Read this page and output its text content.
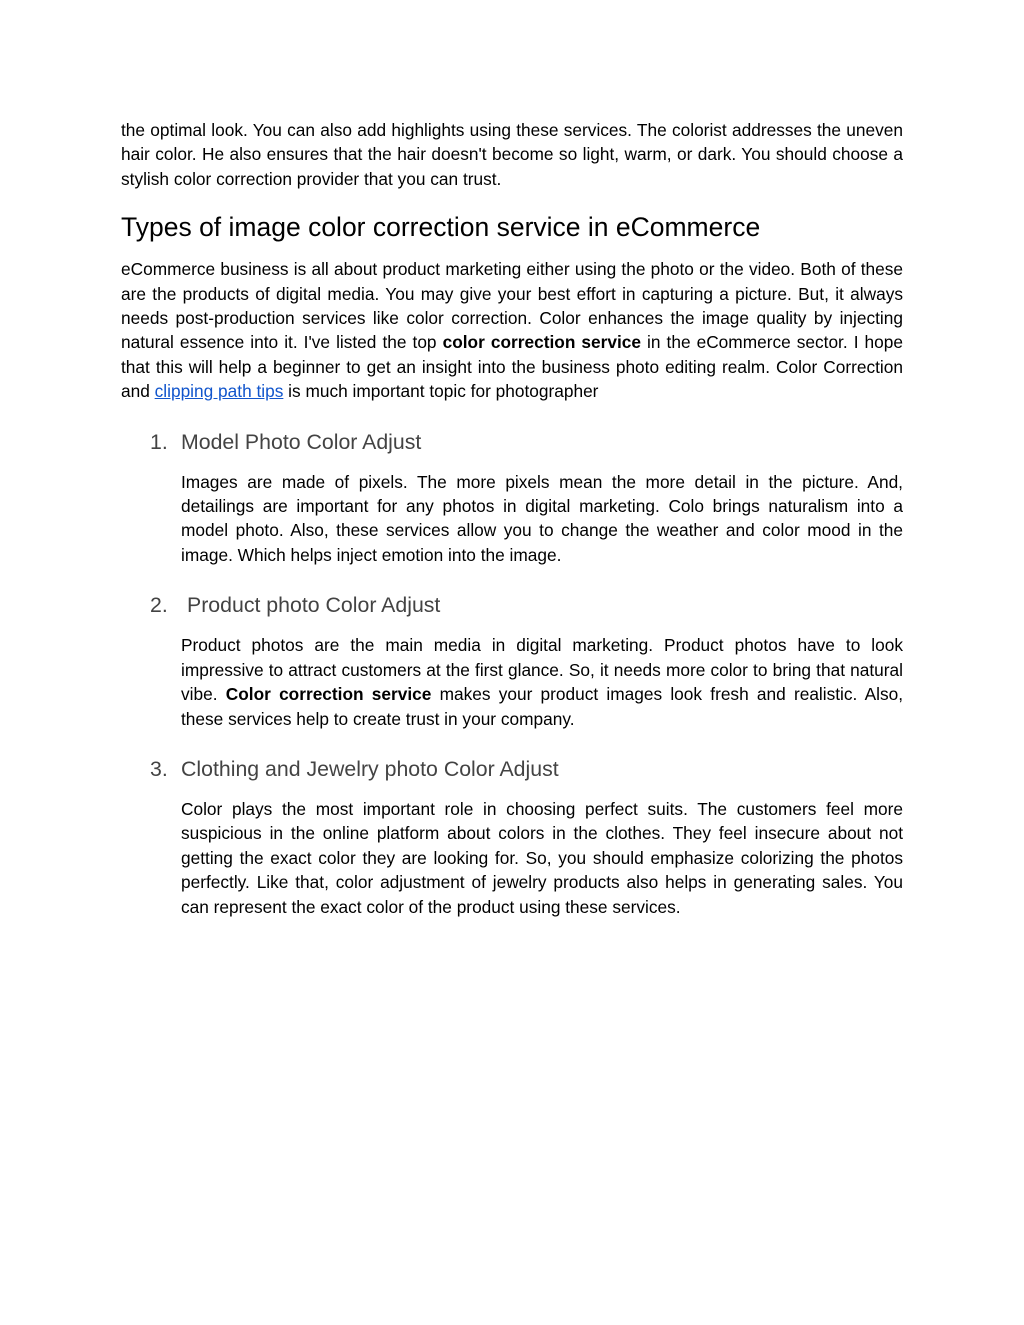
the optimal look. You can also add highlights using these services. The colorist addresses the uneven hair color. He also ensures that the hair doesn't become so light, warm, or dark. You should choose a stylish color correction provider that you can trust.

Types of image color correction service in eCommerce

eCommerce business is all about product marketing either using the photo or the video. Both of these are the products of digital media. You may give your best effort in capturing a picture. But, it always needs post-production services like color correction. Color enhances the image quality by injecting natural essence into it. I've listed the top color correction service in the eCommerce sector. I hope that this will help a beginner to get an insight into the business photo editing realm. Color Correction and clipping path tips is much important topic for photographer

1. Model Photo Color Adjust

Images are made of pixels. The more pixels mean the more detail in the picture. And, detailings are important for any photos in digital marketing. Colo brings naturalism into a model photo. Also, these services allow you to change the weather and color mood in the image. Which helps inject emotion into the image.

2. Product photo Color Adjust

Product photos are the main media in digital marketing. Product photos have to look impressive to attract customers at the first glance. So, it needs more color to bring that natural vibe. Color correction service makes your product images look fresh and realistic. Also, these services help to create trust in your company.

3. Clothing and Jewelry photo Color Adjust

Color plays the most important role in choosing perfect suits. The customers feel more suspicious in the online platform about colors in the clothes. They feel insecure about not getting the exact color they are looking for. So, you should emphasize colorizing the photos perfectly. Like that, color adjustment of jewelry products also helps in generating sales. You can represent the exact color of the product using these services.
